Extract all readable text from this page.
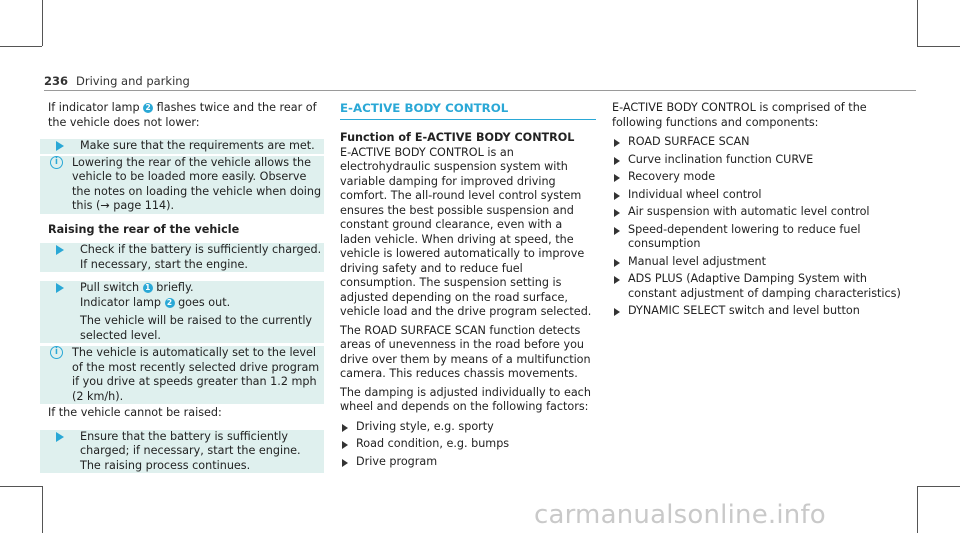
236 Driving and parking

If indicator lamp 2 flashes twice and the rear of the vehicle does not lower:

Make sure that the requirements are met.
i	Lowering the rear of the vehicle allows the vehicle to be loaded more easily. Observe the notes on loading the vehicle when doing this (→ page 114).

Raising the rear of the vehicle

Check if the battery is sufficiently charged. If necessary, start the engine.
Pull switch 1 briefly.
Indicator lamp 2 goes out.
The vehicle will be raised to the currently selected level.
i	The vehicle is automatically set to the level of the most recently selected drive program if you drive at speeds greater than 1.2 mph (2 km/h).

If the vehicle cannot be raised:

Ensure that the battery is sufficiently charged; if necessary, start the engine.
The raising process continues.
E-ACTIVE BODY CONTROL

Function of E-ACTIVE BODY CONTROL

E-ACTIVE BODY CONTROL is an electrohydraulic suspension system with variable damping for improved driving comfort. The all-round level control system ensures the best possible suspension and constant ground clearance, even with a laden vehicle. When driving at speed, the vehicle is lowered automatically to improve driving safety and to reduce fuel consumption. The suspension setting is adjusted depending on the road surface, vehicle load and the drive program selected.

The ROAD SURFACE SCAN function detects areas of unevenness in the road before you drive over them by means of a multifunction camera. This reduces chassis movements.

The damping is adjusted individually to each wheel and depends on the following factors:

Driving style, e.g. sporty
Road condition, e.g. bumps
Drive program

E-ACTIVE BODY CONTROL is comprised of the following functions and components:

ROAD SURFACE SCAN
Curve inclination function CURVE
Recovery mode
Individual wheel control
Air suspension with automatic level control
Speed-dependent lowering to reduce fuel consumption
Manual level adjustment
ADS PLUS (Adaptive Damping System with constant adjustment of damping characteristics)
DYNAMIC SELECT switch and level button
carmanualsonline.info
